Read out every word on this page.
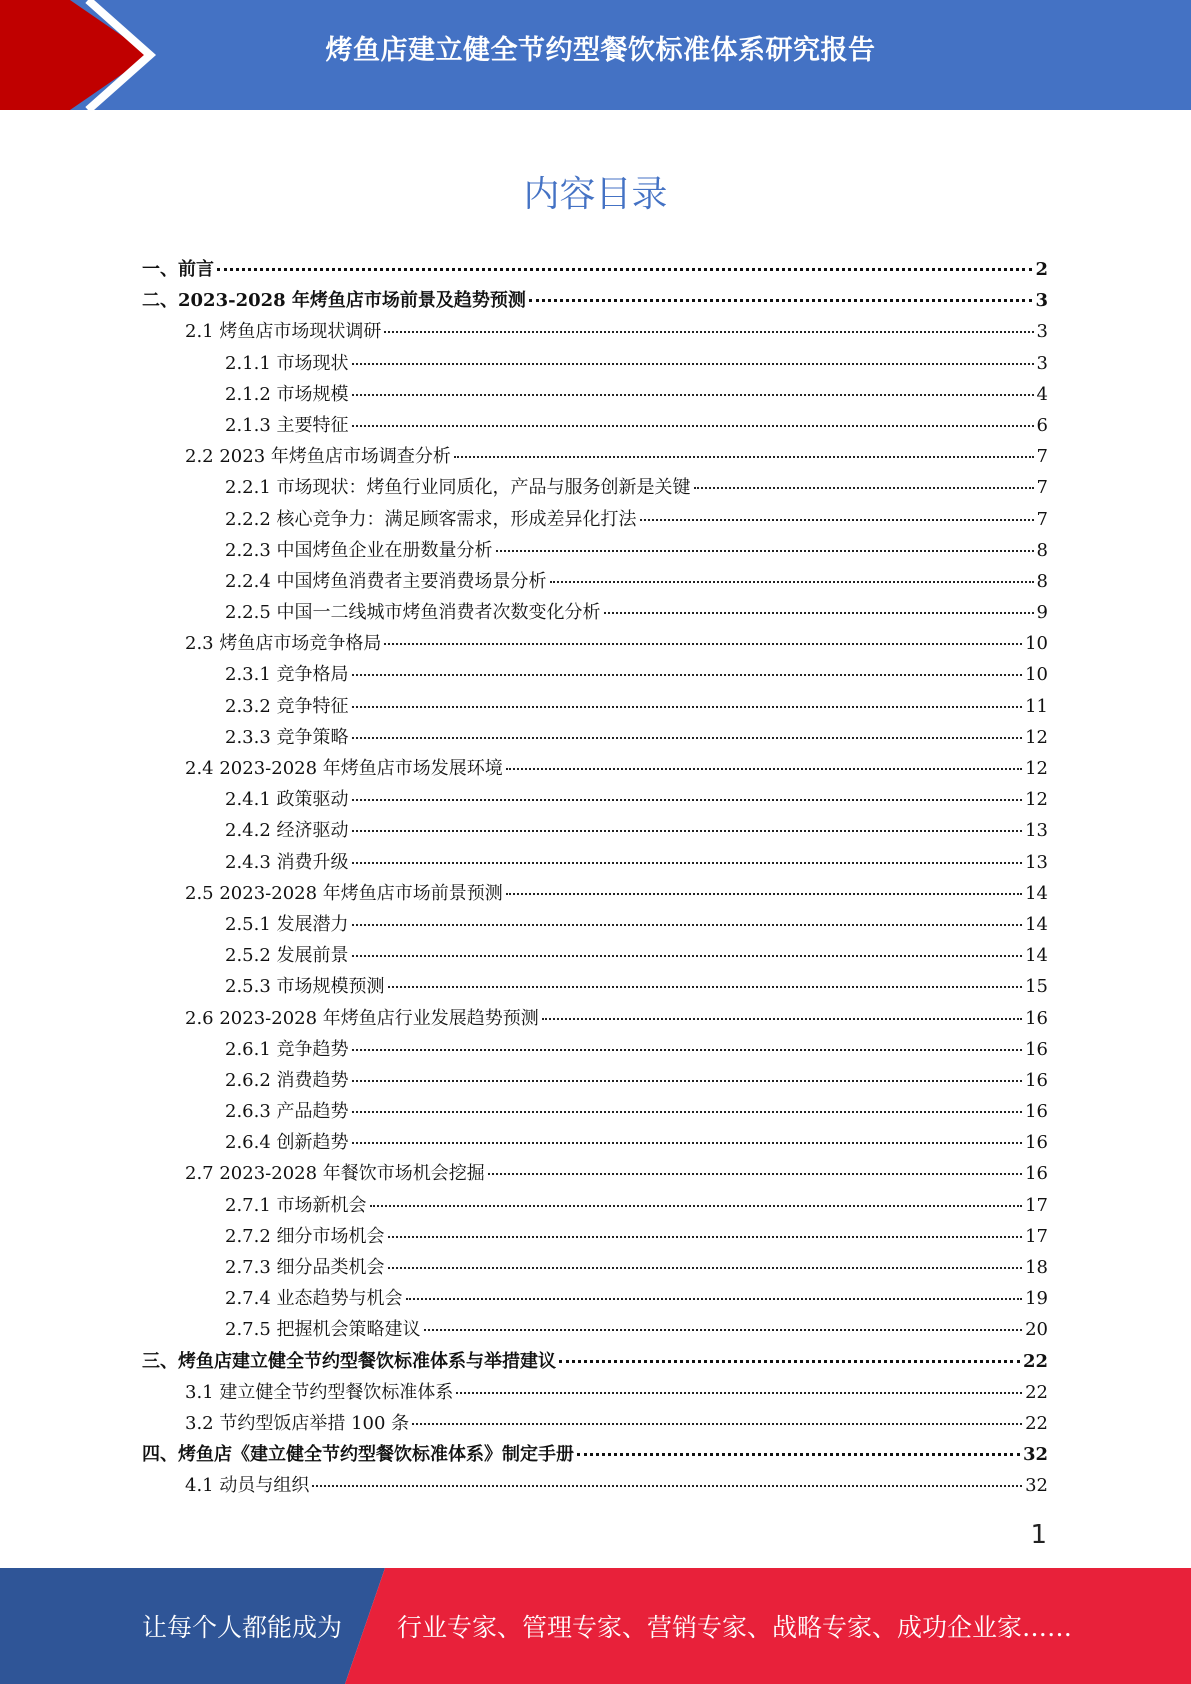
烤鱼店建立健全节约型餐饮标准体系研究报告
内容目录
一、前言	2
二、2023-2028 年烤鱼店市场前景及趋势预测	3
2.1 烤鱼店市场现状调研	3
2.1.1 市场现状	3
2.1.2 市场规模	4
2.1.3 主要特征	6
2.2 2023 年烤鱼店市场调查分析	7
2.2.1 市场现状：烤鱼行业同质化，产品与服务创新是关键	7
2.2.2 核心竞争力：满足顾客需求，形成差异化打法	7
2.2.3 中国烤鱼企业在册数量分析	8
2.2.4 中国烤鱼消费者主要消费场景分析	8
2.2.5 中国一二线城市烤鱼消费者次数变化分析	9
2.3 烤鱼店市场竞争格局	10
2.3.1 竞争格局	10
2.3.2 竞争特征	11
2.3.3 竞争策略	12
2.4 2023-2028 年烤鱼店市场发展环境	12
2.4.1 政策驱动	12
2.4.2 经济驱动	13
2.4.3 消费升级	13
2.5 2023-2028 年烤鱼店市场前景预测	14
2.5.1 发展潜力	14
2.5.2 发展前景	14
2.5.3 市场规模预测	15
2.6 2023-2028 年烤鱼店行业发展趋势预测	16
2.6.1 竞争趋势	16
2.6.2 消费趋势	16
2.6.3 产品趋势	16
2.6.4 创新趋势	16
2.7 2023-2028 年餐饮市场机会挖掘	16
2.7.1 市场新机会	17
2.7.2 细分市场机会	17
2.7.3 细分品类机会	18
2.7.4 业态趋势与机会	19
2.7.5 把握机会策略建议	20
三、烤鱼店建立健全节约型餐饮标准体系与举措建议	22
3.1 建立健全节约型餐饮标准体系	22
3.2 节约型饭店举措 100 条	22
四、烤鱼店《建立健全节约型餐饮标准体系》制定手册	32
4.1 动员与组织	32
1
让每个人都能成为 行业专家、管理专家、营销专家、战略专家、成功企业家……
